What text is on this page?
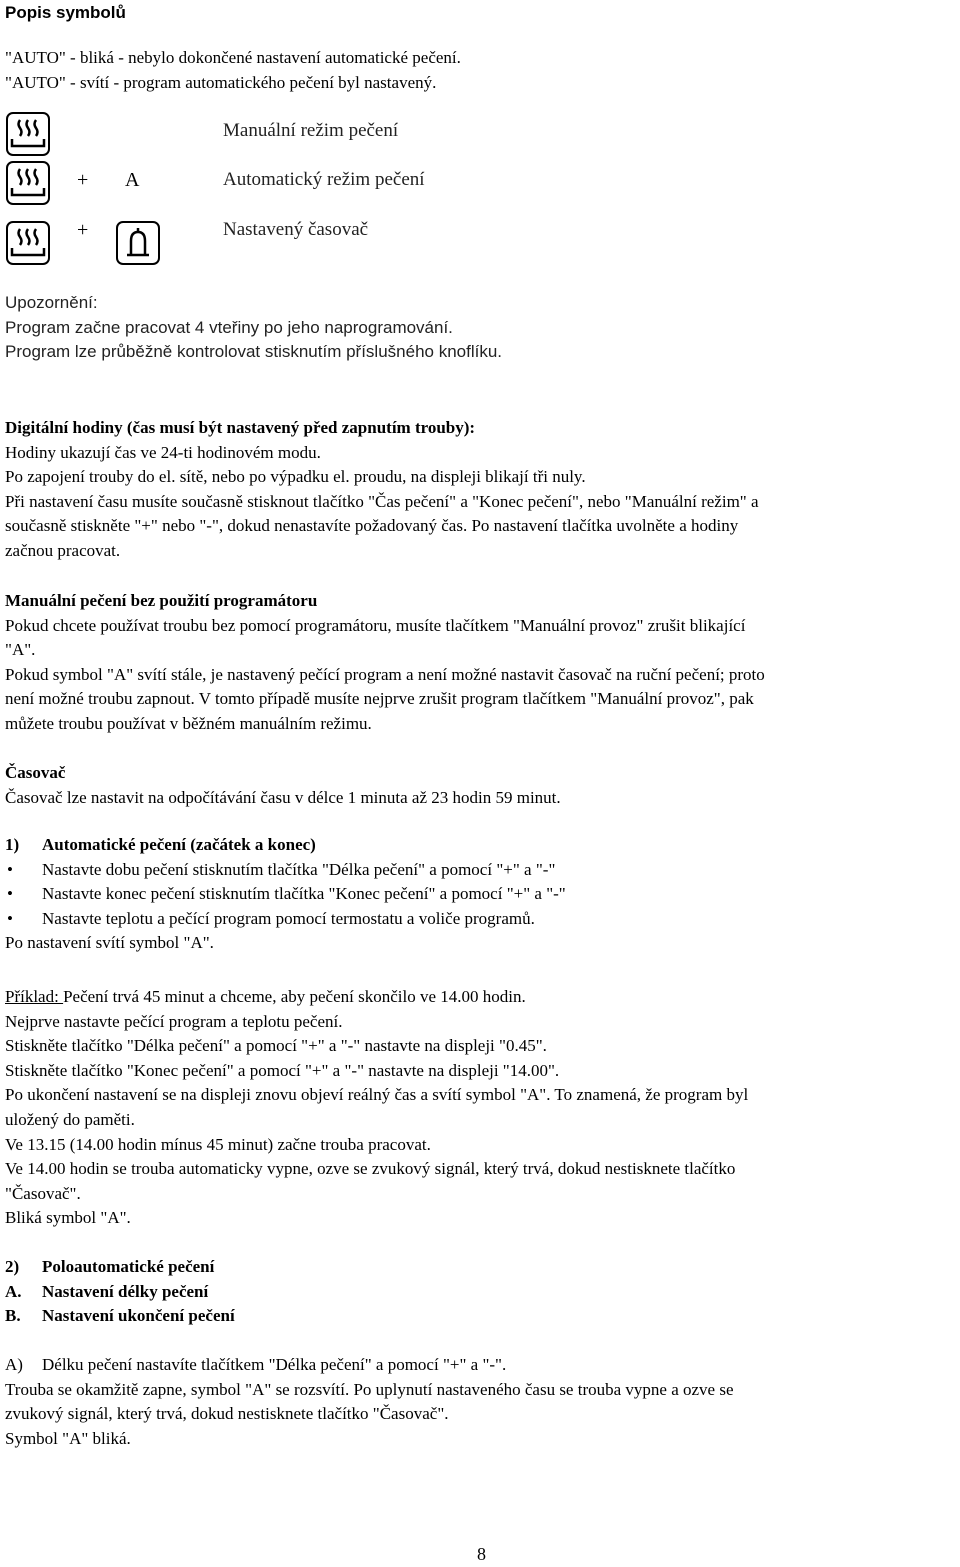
Popis symbolů
"AUTO" - bliká - nebylo dokončené nastavení automatické pečení.
"AUTO" - svítí - program automatického pečení byl nastavený.
Manuální režim pečení
+ A	Automatický režim pečení
+	Nastavený časovač
Upozornění:
Program začne pracovat 4 vteřiny po jeho naprogramování.
Program lze průběžně kontrolovat stisknutím příslušného knoflíku.
Digitální hodiny (čas musí být nastavený před zapnutím trouby):
Hodiny ukazují čas ve 24-ti hodinovém modu.
Po zapojení trouby do el. sítě, nebo po výpadku el. proudu, na displeji blikají tři nuly.
Při nastavení času musíte současně stisknout tlačítko "Čas pečení" a "Konec pečení", nebo "Manuální režim" a
současně stiskněte "+" nebo "-", dokud nenastavíte požadovaný čas. Po nastavení tlačítka uvolněte a hodiny
začnou pracovat.
Manuální pečení bez použití programátoru
Pokud chcete používat troubu bez pomocí programátoru, musíte tlačítkem "Manuální provoz" zrušit blikající
"A".
Pokud symbol "A" svítí stále, je nastavený pečící program a není možné nastavit časovač na ruční pečení; proto
není možné troubu zapnout. V tomto případě musíte nejprve zrušit program tlačítkem "Manuální provoz", pak
můžete troubu používat v běžném manuálním režimu.
Časovač
Časovač lze nastavit na odpočítávání času v délce 1 minuta až 23 hodin 59 minut.
1) Automatické pečení (začátek a konec)
• Nastavte dobu pečení stisknutím tlačítka "Délka pečení" a pomocí "+" a "-"
• Nastavte konec pečení stisknutím tlačítka "Konec pečení" a pomocí "+" a "-"
• Nastavte teplotu a pečící program pomocí termostatu a voliče programů.
Po nastavení svítí symbol "A".
Příklad: Pečení trvá 45 minut a chceme, aby pečení skončilo ve 14.00 hodin.
Nejprve nastavte pečící program a teplotu pečení.
Stiskněte tlačítko "Délka pečení" a pomocí "+" a "-" nastavte na displeji "0.45".
Stiskněte tlačítko "Konec pečení" a pomocí "+" a "-" nastavte na displeji "14.00".
Po ukončení nastavení se na displeji znovu objeví reálný čas a svítí symbol "A". To znamená, že program byl
uložený do paměti.
Ve 13.15 (14.00 hodin mínus 45 minut) začne trouba pracovat.
Ve 14.00 hodin se trouba automaticky vypne, ozve se zvukový signál, který trvá, dokud nestisknete tlačítko
"Časovač".
Bliká symbol "A".
2) Poloautomatické pečení
A. Nastavení délky pečení
B. Nastavení ukončení pečení
A) Délku pečení nastavíte tlačítkem "Délka pečení" a pomocí "+" a "-".
Trouba se okamžitě zapne, symbol "A" se rozsvítí. Po uplynutí nastaveného času se trouba vypne a ozve se
zvukový signál, který trvá, dokud nestisknete tlačítko "Časovač".
Symbol "A" bliká.
8
